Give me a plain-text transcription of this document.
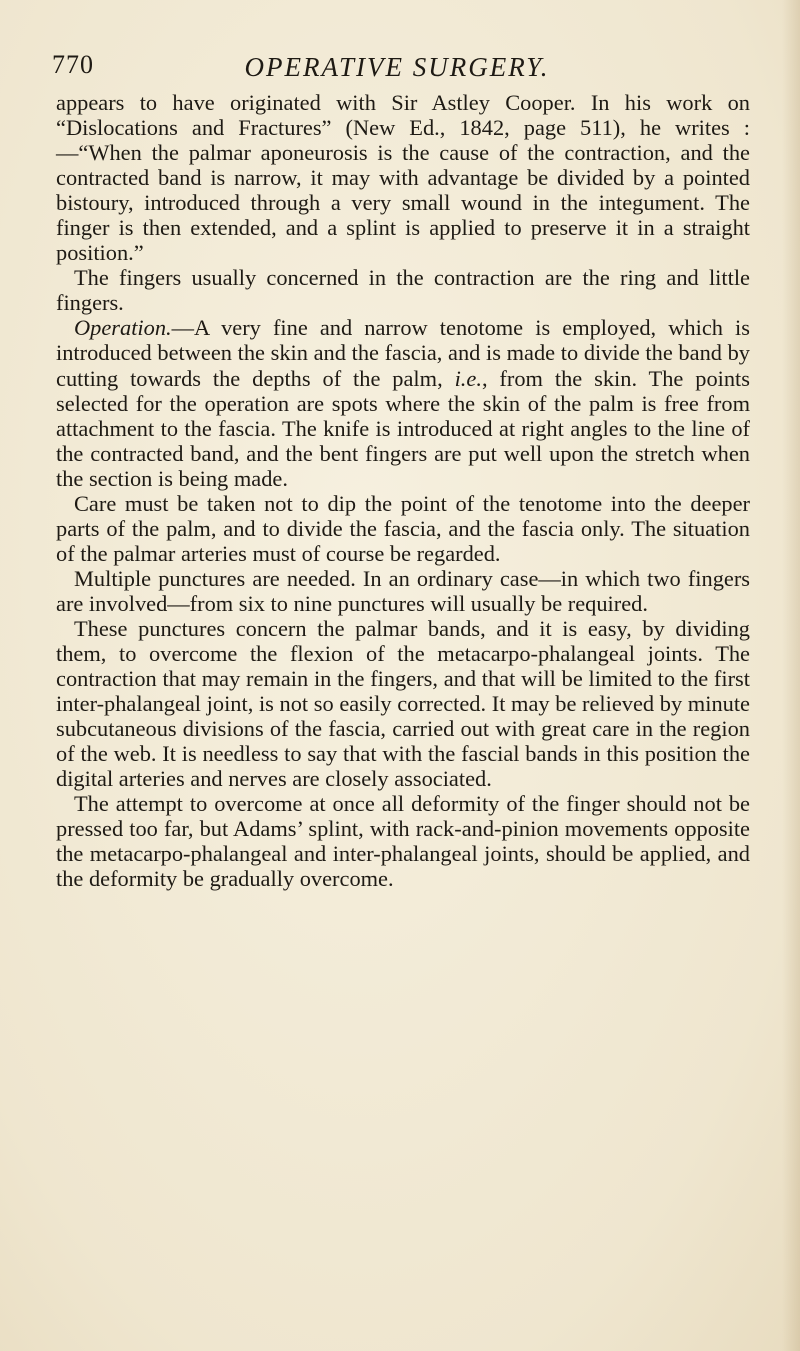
770	OPERATIVE SURGERY.

appears to have originated with Sir Astley Cooper. In his work on “Dislocations and Fractures” (New Ed., 1842, page 511), he writes :—“When the palmar aponeurosis is the cause of the contraction, and the contracted band is narrow, it may with advantage be divided by a pointed bistoury, introduced through a very small wound in the integument. The finger is then extended, and a splint is applied to preserve it in a straight position.”

The fingers usually concerned in the contraction are the ring and little fingers.

Operation.—A very fine and narrow tenotome is employed, which is introduced between the skin and the fascia, and is made to divide the band by cutting towards the depths of the palm, i.e., from the skin. The points selected for the operation are spots where the skin of the palm is free from attachment to the fascia. The knife is introduced at right angles to the line of the contracted band, and the bent fingers are put well upon the stretch when the section is being made.

Care must be taken not to dip the point of the tenotome into the deeper parts of the palm, and to divide the fascia, and the fascia only. The situation of the palmar arteries must of course be regarded.

Multiple punctures are needed. In an ordinary case—in which two fingers are involved—from six to nine punctures will usually be required.

These punctures concern the palmar bands, and it is easy, by dividing them, to overcome the flexion of the metacarpo-phalangeal joints. The contraction that may remain in the fingers, and that will be limited to the first inter-phalangeal joint, is not so easily corrected. It may be relieved by minute subcutaneous divisions of the fascia, carried out with great care in the region of the web. It is needless to say that with the fascial bands in this position the digital arteries and nerves are closely associated.

The attempt to overcome at once all deformity of the finger should not be pressed too far, but Adams’ splint, with rack-and-pinion movements opposite the metacarpo-phalangeal and inter-phalangeal joints, should be applied, and the deformity be gradually overcome.
